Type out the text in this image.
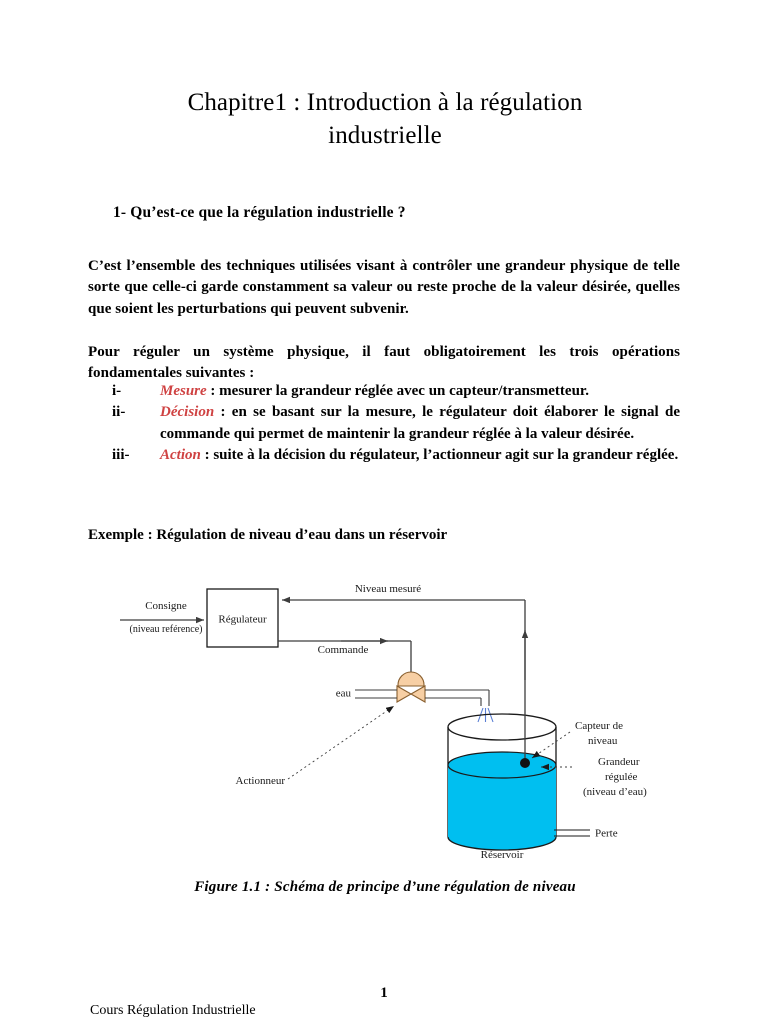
Chapitre1 : Introduction à la régulation
industrielle
1- Qu’est-ce que la régulation industrielle ?
C’est l’ensemble des techniques utilisées visant à contrôler une grandeur physique de telle sorte que celle-ci garde constamment sa valeur ou reste proche de la valeur désirée, quelles que soient les perturbations qui peuvent subvenir.
Pour réguler un système physique, il faut obligatoirement les trois opérations fondamentales suivantes :
i-	Mesure : mesurer la grandeur réglée avec un capteur/transmetteur.
ii-	Décision : en se basant sur la mesure, le régulateur doit élaborer le signal de commande qui permet de maintenir la grandeur réglée à la valeur désirée.
iii-	Action : suite à la décision du régulateur, l’actionneur agit sur la grandeur réglée.
Exemple : Régulation de niveau d’eau dans un réservoir
Régulateur
Consigne
(niveau reférence)
Niveau mesuré
Commande
eau
Perte
Réservoir
Actionneur
Capteur de
niveau
Grandeur
régulée
(niveau d’eau)
Figure 1.1 : Schéma de principe d’une régulation de niveau
Cours Régulation Industrielle
1
